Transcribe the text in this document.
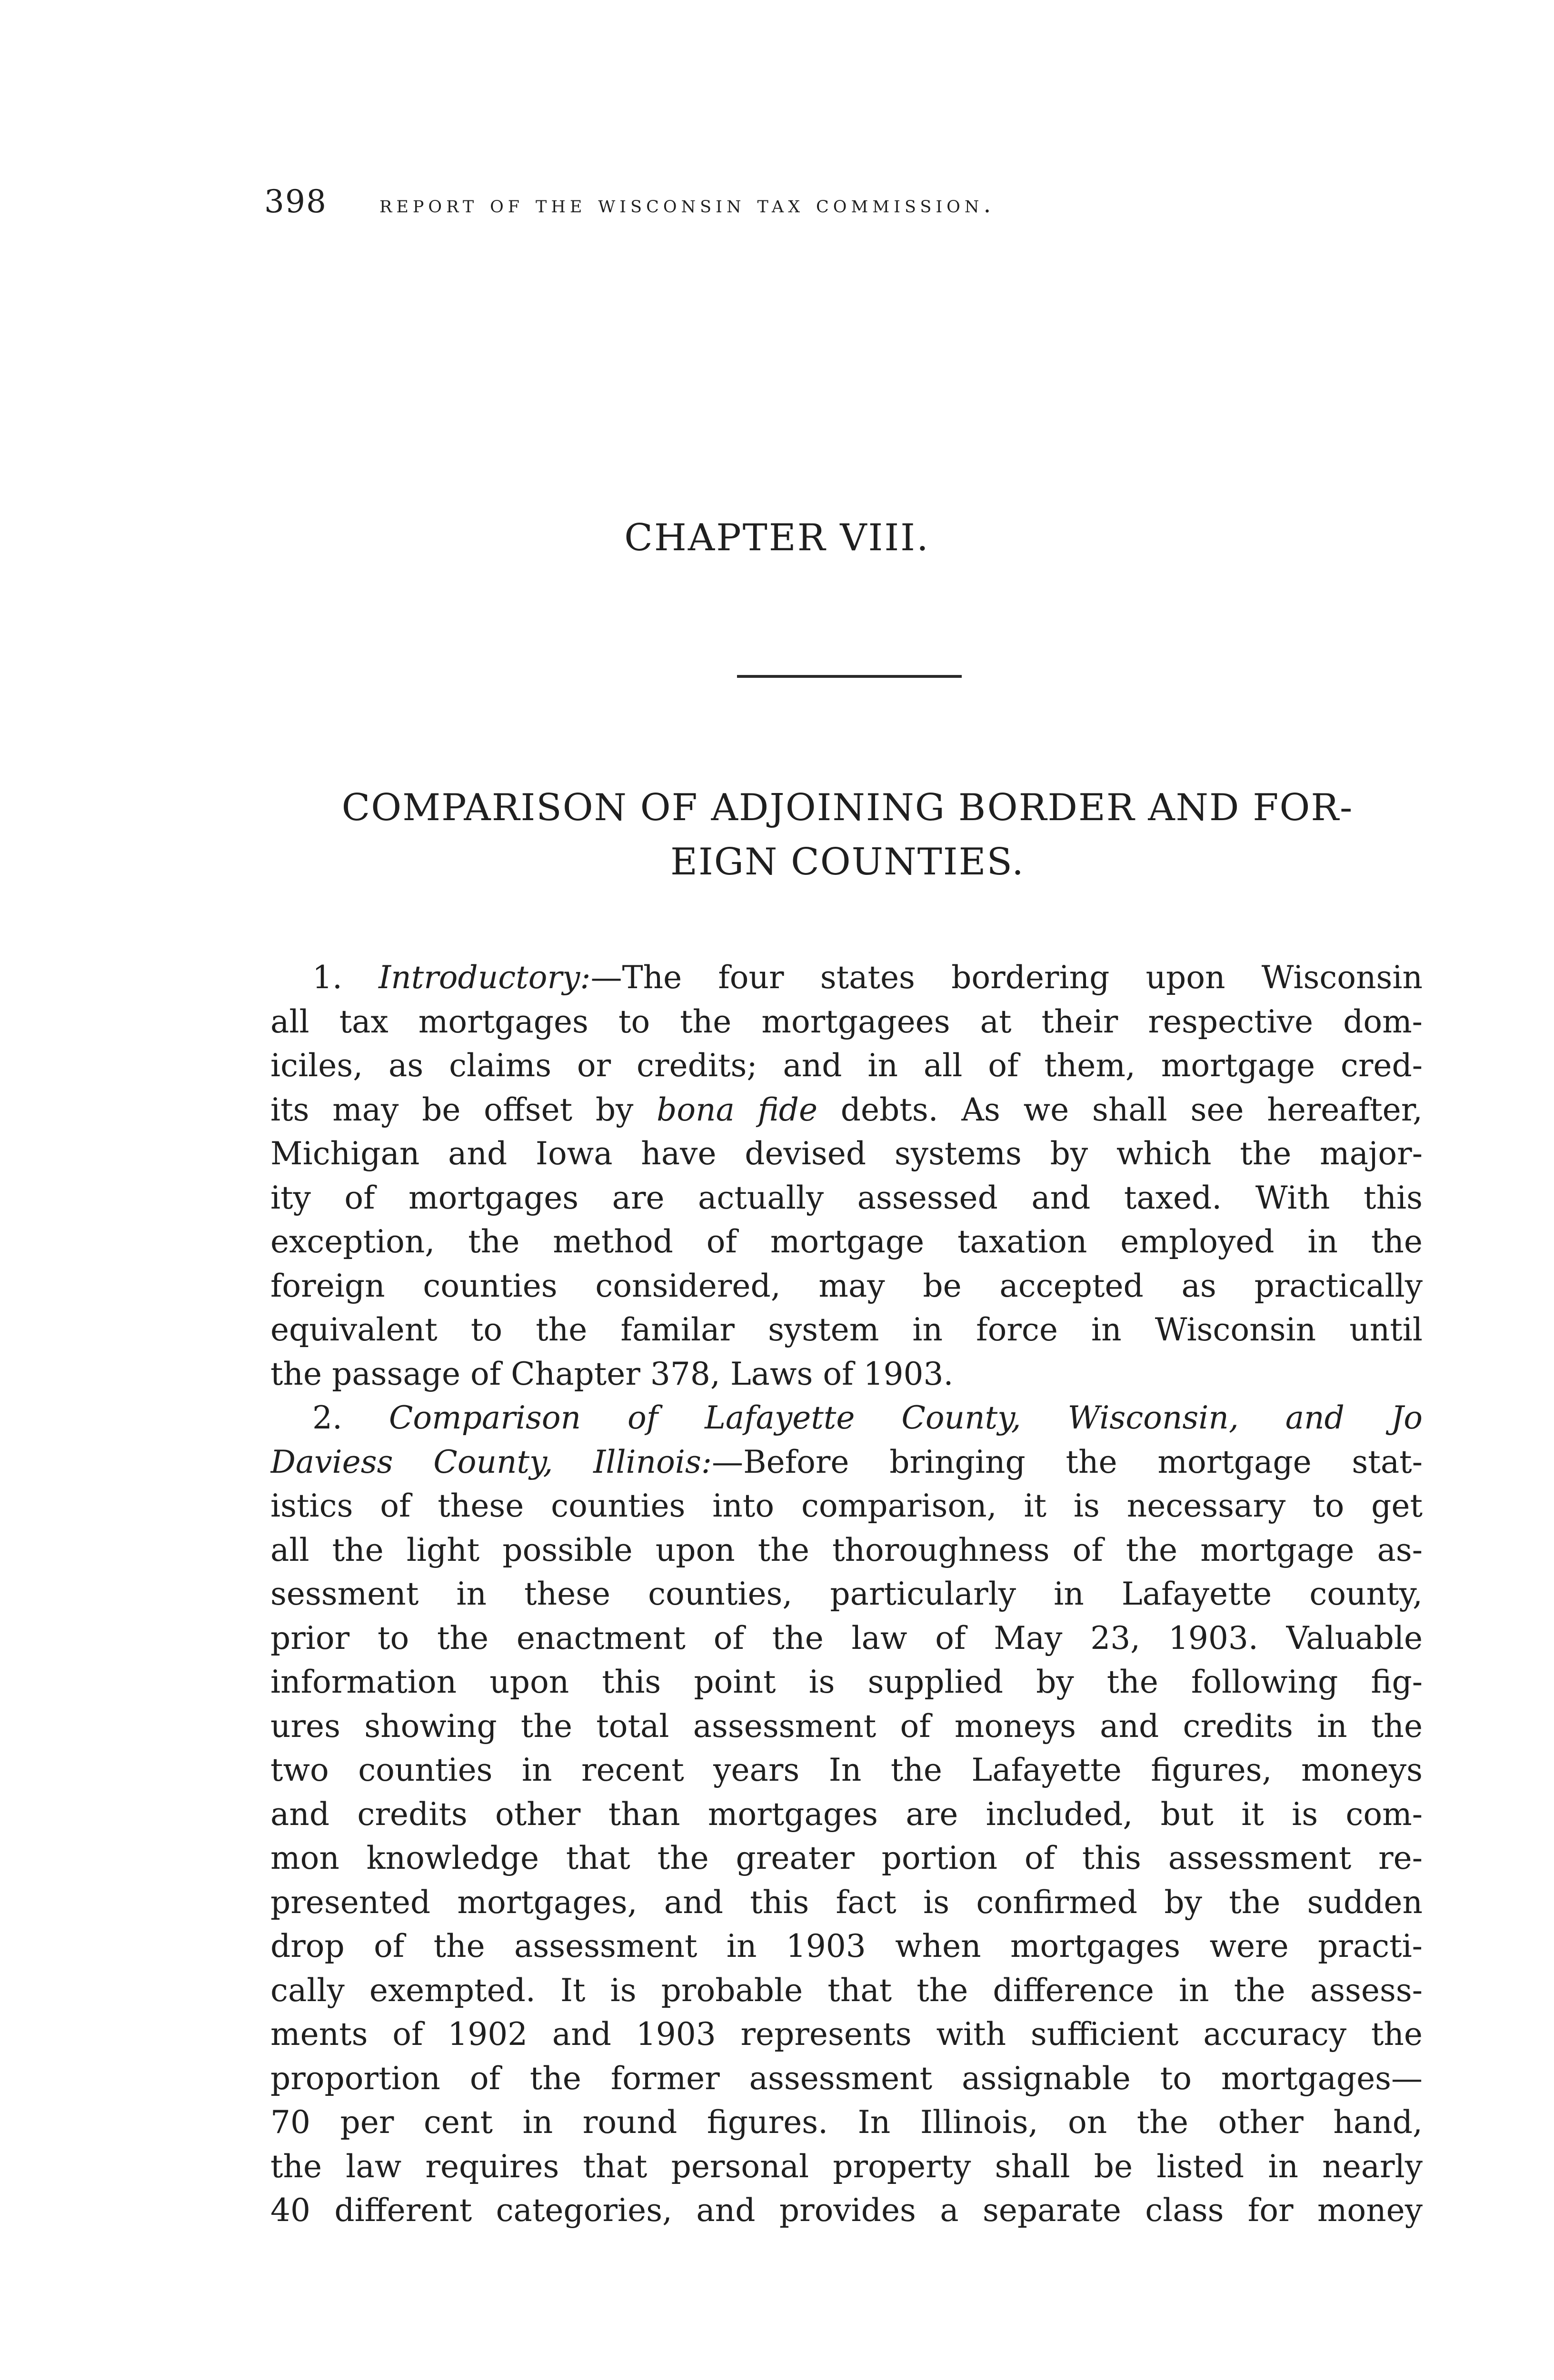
398 report of the wisconsin tax commission.
CHAPTER VIII.
COMPARISON OF ADJOINING BORDER AND FOR-
EIGN COUNTIES.
1. Introductory:—The four states bordering upon Wisconsin
all tax mortgages to the mortgagees at their respective dom-
iciles, as claims or credits; and in all of them, mortgage cred-
its may be offset by bona fide debts. As we shall see hereafter,
Michigan and Iowa have devised systems by which the major-
ity of mortgages are actually assessed and taxed. With this
exception, the method of mortgage taxation employed in the
foreign counties considered, may be accepted as practically
equivalent to the familar system in force in Wisconsin until
the passage of Chapter 378, Laws of 1903.
2. Comparison of Lafayette County, Wisconsin, and Jo
Daviess County, Illinois:—Before bringing the mortgage stat-
istics of these counties into comparison, it is necessary to get
all the light possible upon the thoroughness of the mortgage as-
sessment in these counties, particularly in Lafayette county,
prior to the enactment of the law of May 23, 1903. Valuable
information upon this point is supplied by the following fig-
ures showing the total assessment of moneys and credits in the
two counties in recent years In the Lafayette figures, moneys
and credits other than mortgages are included, but it is com-
mon knowledge that the greater portion of this assessment re-
presented mortgages, and this fact is confirmed by the sudden
drop of the assessment in 1903 when mortgages were practi-
cally exempted. It is probable that the difference in the assess-
ments of 1902 and 1903 represents with sufficient accuracy the
proportion of the former assessment assignable to mortgages—
70 per cent in round figures. In Illinois, on the other hand,
the law requires that personal property shall be listed in nearly
40 different categories, and provides a separate class for money
